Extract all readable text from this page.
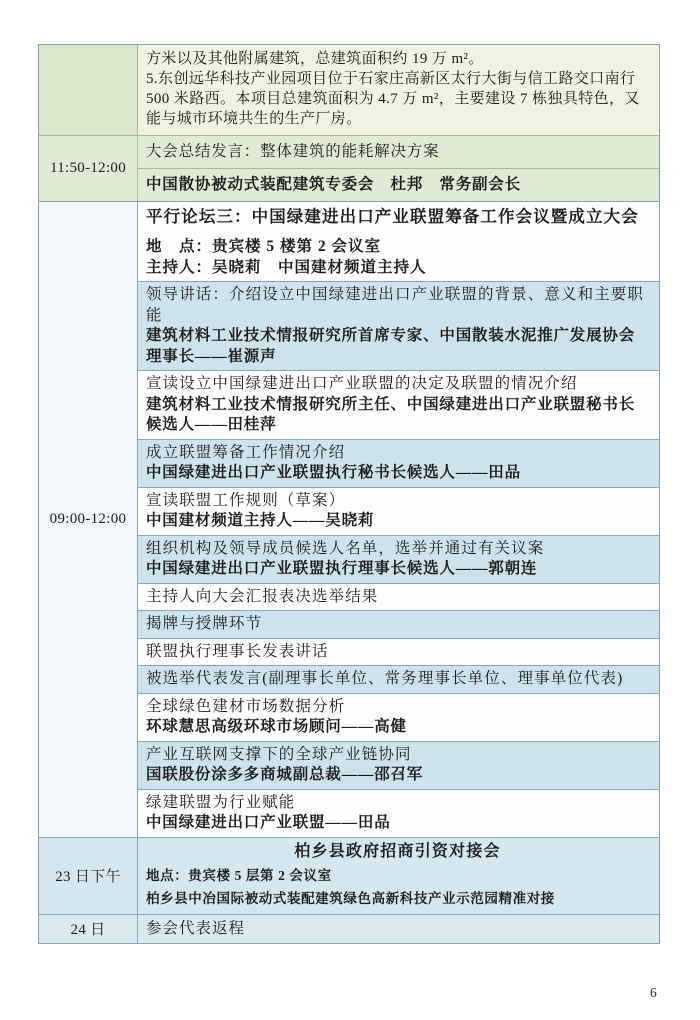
方米以及其他附属建筑，总建筑面积约 19 万 m²。
5.东创远华科技产业园项目位于石家庄高新区太行大街与信工路交口南行 500 米路西。本项目总建筑面积为 4.7 万 m²，主要建设 7 栋独具特色，又能与城市环境共生的生产厂房。
11:50-12:00
大会总结发言：整体建筑的能耗解决方案
中国散协被动式装配建筑专委会　杜邦　常务副会长
09:00-12:00
平行论坛三：中国绿建进出口产业联盟筹备工作会议暨成立大会
地　点：贵宾楼 5 楼第 2 会议室
主持人：吴晓莉　中国建材频道主持人
领导讲话：介绍设立中国绿建进出口产业联盟的背景、意义和主要职能
建筑材料工业技术情报研究所首席专家、中国散装水泥推广发展协会理事长——崔源声
宣读设立中国绿建进出口产业联盟的决定及联盟的情况介绍
建筑材料工业技术情报研究所主任、中国绿建进出口产业联盟秘书长候选人——田桂萍
成立联盟筹备工作情况介绍
中国绿建进出口产业联盟执行秘书长候选人——田品
宣读联盟工作规则（草案）
中国建材频道主持人——吴晓莉
组织机构及领导成员候选人名单，选举并通过有关议案
中国绿建进出口产业联盟执行理事长候选人——郭朝连
主持人向大会汇报表决选举结果
揭牌与授牌环节
联盟执行理事长发表讲话
被选举代表发言(副理事长单位、常务理事长单位、理事单位代表)
全球绿色建材市场数据分析
环球慧思高级环球市场顾问——高健
产业互联网支撑下的全球产业链协同
国联股份涂多多商城副总裁——邵召军
绿建联盟为行业赋能
中国绿建进出口产业联盟——田品
23 日下午
柏乡县政府招商引资对接会
地点：贵宾楼 5 层第 2 会议室
柏乡县中冶国际被动式装配建筑绿色高新科技产业示范园精准对接
24 日	参会代表返程
6
